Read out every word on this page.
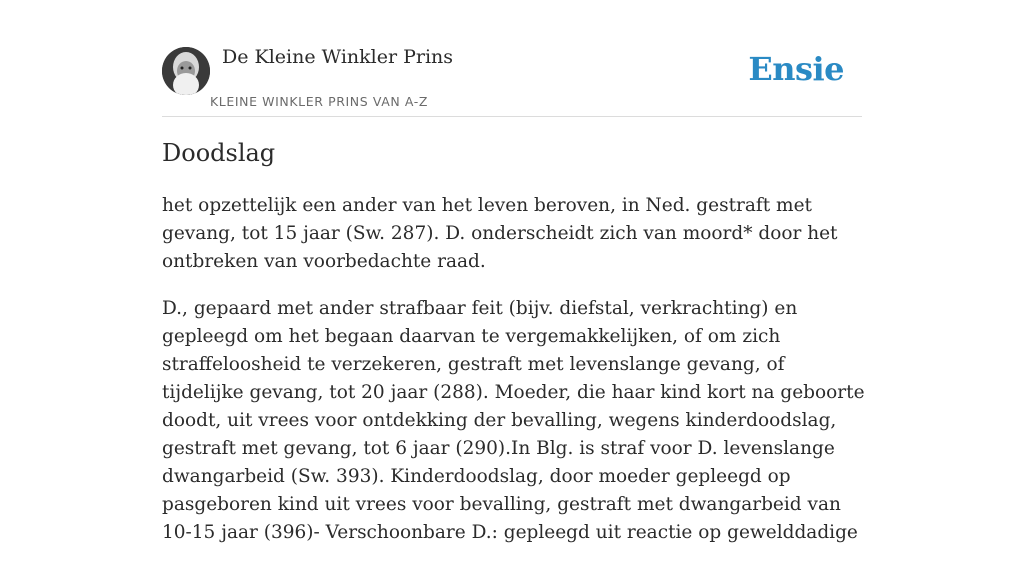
De Kleine Winkler Prins
KLEINE WINKLER PRINS VAN A-Z
Ensie
Doodslag

het opzettelijk een ander van het leven beroven, in Ned. gestraft met gevang, tot 15 jaar (Sw. 287). D. onderscheidt zich van moord* door het ontbreken van voorbedachte raad.

D., gepaard met ander strafbaar feit (bijv. diefstal, verkrachting) en gepleegd om het begaan daarvan te vergemakkelijken, of om zich straffeloosheid te verzekeren, gestraft met levenslange gevang, of tijdelijke gevang, tot 20 jaar (288). Moeder, die haar kind kort na geboorte doodt, uit vrees voor ontdekking der bevalling, wegens kinderdoodslag, gestraft met gevang, tot 6 jaar (290).In Blg. is straf voor D. levenslange dwangarbeid (Sw. 393). Kinderdoodslag, door moeder gepleegd op pasgeboren kind uit vrees voor bevalling, gestraft met dwangarbeid van 10-15 jaar (396)- Verschoonbare D.: gepleegd uit reactie op gewelddadige
